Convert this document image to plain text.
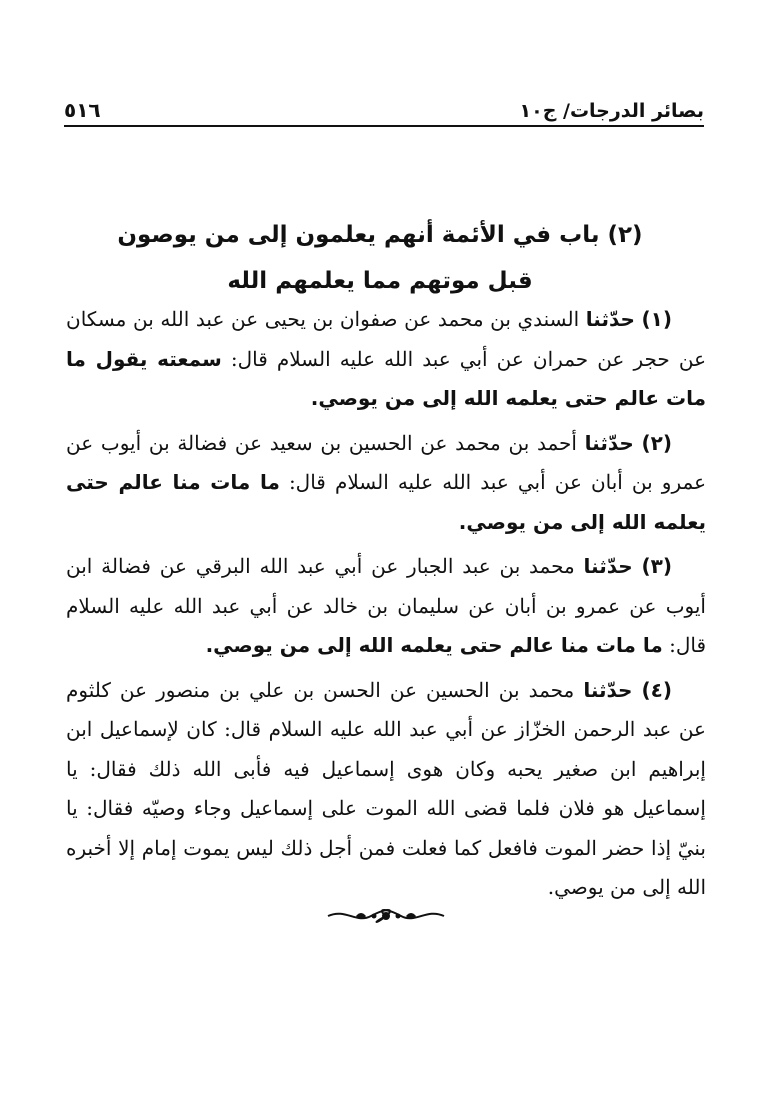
بصائر الدرجات/ ج١٠
٥١٦
(٢) باب في الأئمة أنهم يعلمون إلى من يوصون
قبل موتهم مما يعلمهم الله

(١) حدّثنا السندي بن محمد عن صفوان بن يحيى عن عبد الله بن مسكان عن حجر عن حمران عن أبي عبد الله عليه السلام قال: سمعته يقول ما مات عالم حتى يعلمه الله إلى من يوصي.

(٢) حدّثنا أحمد بن محمد عن الحسين بن سعيد عن فضالة بن أيوب عن عمرو بن أبان عن أبي عبد الله عليه السلام قال: ما مات منا عالم حتى يعلمه الله إلى من يوصي.

(٣) حدّثنا محمد بن عبد الجبار عن أبي عبد الله البرقي عن فضالة ابن أيوب عن عمرو بن أبان عن سليمان بن خالد عن أبي عبد الله عليه السلام قال: ما مات منا عالم حتى يعلمه الله إلى من يوصي.

(٤) حدّثنا محمد بن الحسين عن الحسن بن علي بن منصور عن كلثوم عن عبد الرحمن الخزّاز عن أبي عبد الله عليه السلام قال: كان لإسماعيل ابن إبراهيم ابن صغير يحبه وكان هوى إسماعيل فيه فأبى الله ذلك فقال: يا إسماعيل هو فلان فلما قضى الله الموت على إسماعيل وجاء وصيّه فقال: يا بنيّ إذا حضر الموت فافعل كما فعلت فمن أجل ذلك ليس يموت إمام إلا أخبره الله إلى من يوصي.
